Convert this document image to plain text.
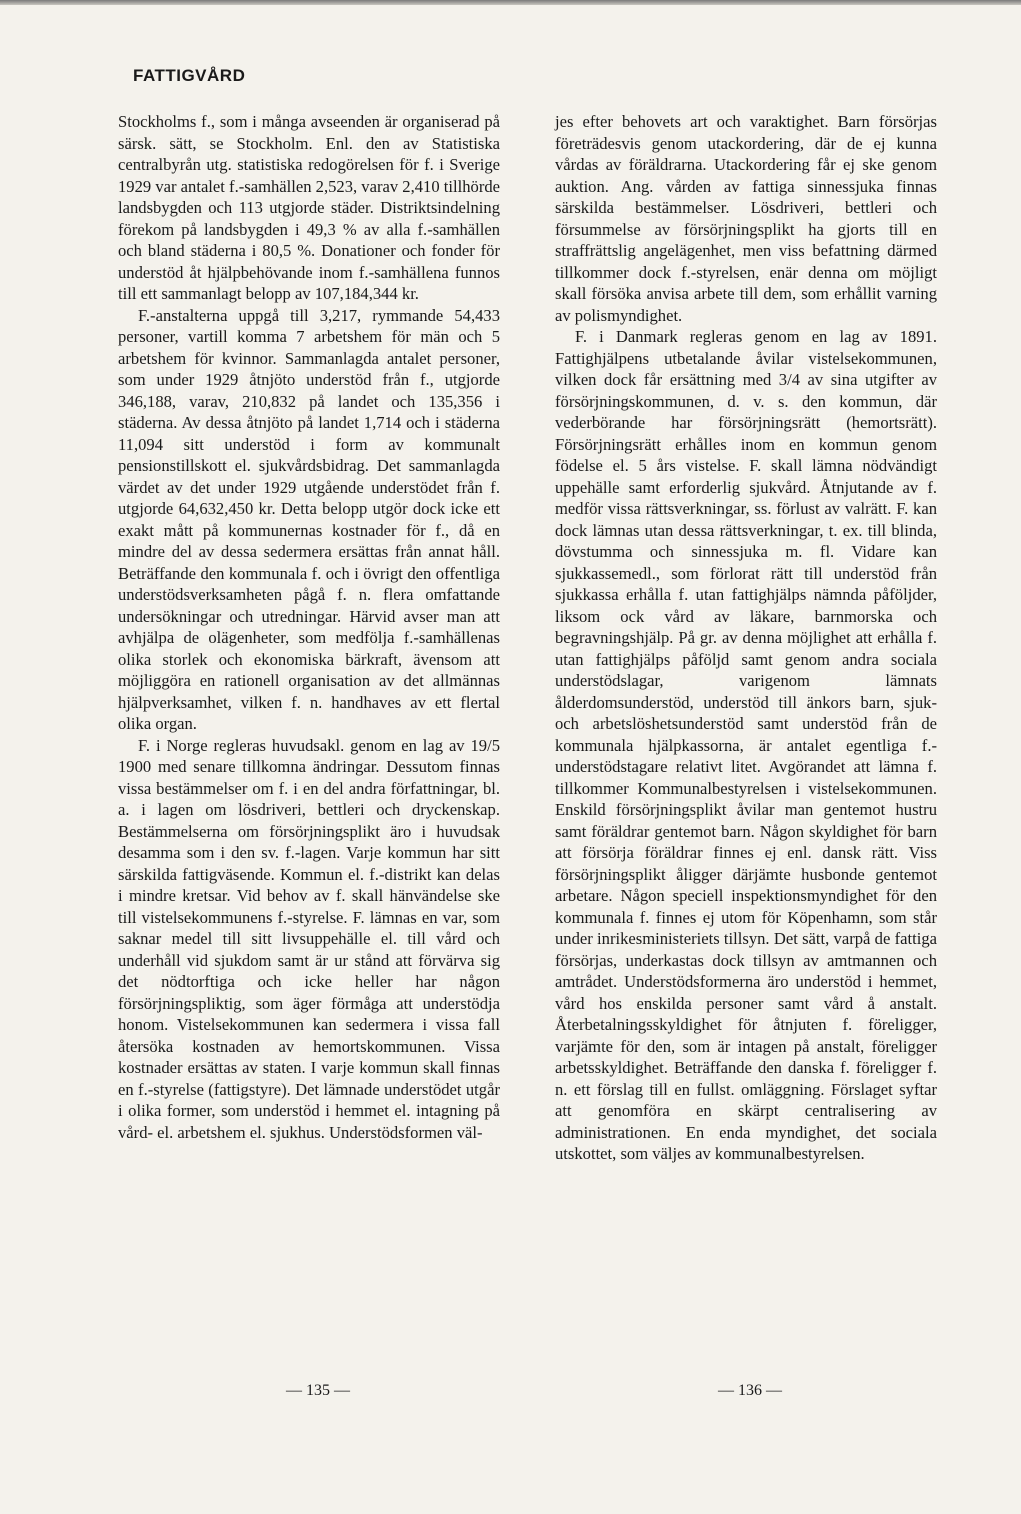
FATTIGVÅRD

Stockholms f., som i många avseenden är organiserad på särsk. sätt, se Stockholm. Enl. den av Statistiska centralbyrån utg. statistiska redogörelsen för f. i Sverige 1929 var antalet f.-samhällen 2,523, varav 2,410 tillhörde landsbygden och 113 utgjorde städer. Distriktsindelning förekom på landsbygden i 49,3 % av alla f.-samhällen och bland städerna i 80,5 %. Donationer och fonder för understöd åt hjälpbehövande inom f.-samhällena funnos till ett sammanlagt belopp av 107,184,344 kr.

F.-anstalterna uppgå till 3,217, rymmande 54,433 personer, vartill komma 7 arbetshem för män och 5 arbetshem för kvinnor. Sammanlagda antalet personer, som under 1929 åtnjöto understöd från f., utgjorde 346,188, varav, 210,832 på landet och 135,356 i städerna. Av dessa åtnjöto på landet 1,714 och i städerna 11,094 sitt understöd i form av kommunalt pensionstillskott el. sjukvårdsbidrag. Det sammanlagda värdet av det under 1929 utgående understödet från f. utgjorde 64,632,450 kr. Detta belopp utgör dock icke ett exakt mått på kommunernas kostnader för f., då en mindre del av dessa sedermera ersättas från annat håll. Beträffande den kommunala f. och i övrigt den offentliga understödsverksamheten pågå f. n. flera omfattande undersökningar och utredningar. Härvid avser man att avhjälpa de olägenheter, som medfölja f.-samhällenas olika storlek och ekonomiska bärkraft, ävensom att möjliggöra en rationell organisation av det allmännas hjälpverksamhet, vilken f. n. handhaves av ett flertal olika organ.

F. i Norge regleras huvudsakl. genom en lag av 19/5 1900 med senare tillkomna ändringar. Dessutom finnas vissa bestämmelser om f. i en del andra författningar, bl. a. i lagen om lösdriveri, bettleri och dryckenskap. Bestämmelserna om försörjningsplikt äro i huvudsak desamma som i den sv. f.-lagen. Varje kommun har sitt särskilda fattigväsende. Kommun el. f.-distrikt kan delas i mindre kretsar. Vid behov av f. skall hänvändelse ske till vistelsekommunens f.-styrelse. F. lämnas en var, som saknar medel till sitt livsuppehälle el. till vård och underhåll vid sjukdom samt är ur stånd att förvärva sig det nödtorftiga och icke heller har någon försörjningspliktig, som äger förmåga att understödja honom. Vistelsekommunen kan sedermera i vissa fall återsöka kostnaden av hemortskommunen. Vissa kostnader ersättas av staten. I varje kommun skall finnas en f.-styrelse (fattigstyre). Det lämnade understödet utgår i olika former, som understöd i hemmet el. intagning på vård- el. arbetshem el. sjukhus. Understödsformen väl-

jes efter behovets art och varaktighet. Barn försörjas företrädesvis genom utackordering, där de ej kunna vårdas av föräldrarna. Utackordering får ej ske genom auktion. Ang. vården av fattiga sinnessjuka finnas särskilda bestämmelser. Lösdriveri, bettleri och försummelse av försörjningsplikt ha gjorts till en straffrättslig angelägenhet, men viss befattning därmed tillkommer dock f.-styrelsen, enär denna om möjligt skall försöka anvisa arbete till dem, som erhållit varning av polismyndighet.

F. i Danmark regleras genom en lag av 1891. Fattighjälpens utbetalande åvilar vistelsekommunen, vilken dock får ersättning med 3/4 av sina utgifter av försörjningskommunen, d. v. s. den kommun, där vederbörande har försörjningsrätt (hemortsrätt). Försörjningsrätt erhålles inom en kommun genom födelse el. 5 års vistelse. F. skall lämna nödvändigt uppehälle samt erforderlig sjukvård. Åtnjutande av f. medför vissa rättsverkningar, ss. förlust av valrätt. F. kan dock lämnas utan dessa rättsverkningar, t. ex. till blinda, dövstumma och sinnessjuka m. fl. Vidare kan sjukkassemedl., som förlorat rätt till understöd från sjukkassa erhålla f. utan fattighjälps nämnda påföljder, liksom ock vård av läkare, barnmorska och begravningshjälp. På gr. av denna möjlighet att erhålla f. utan fattighjälps påföljd samt genom andra sociala understödslagar, varigenom lämnats ålderdomsunderstöd, understöd till änkors barn, sjuk- och arbetslöshetsunderstöd samt understöd från de kommunala hjälpkassorna, är antalet egentliga f.-understödstagare relativt litet. Avgörandet att lämna f. tillkommer Kommunalbestyrelsen i vistelsekommunen. Enskild försörjningsplikt åvilar man gentemot hustru samt föräldrar gentemot barn. Någon skyldighet för barn att försörja föräldrar finnes ej enl. dansk rätt. Viss försörjningsplikt åligger därjämte husbonde gentemot arbetare. Någon speciell inspektionsmyndighet för den kommunala f. finnes ej utom för Köpenhamn, som står under inrikesministeriets tillsyn. Det sätt, varpå de fattiga försörjas, underkastas dock tillsyn av amtmannen och amtrådet. Understödsformerna äro understöd i hemmet, vård hos enskilda personer samt vård å anstalt. Återbetalningsskyldighet för åtnjuten f. föreligger, varjämte för den, som är intagen på anstalt, föreligger arbetsskyldighet. Beträffande den danska f. föreligger f. n. ett förslag till en fullst. omläggning. Förslaget syftar att genomföra en skärpt centralisering av administrationen. En enda myndighet, det sociala utskottet, som väljes av kommunalbestyrelsen.

— 135 —	— 136 —
